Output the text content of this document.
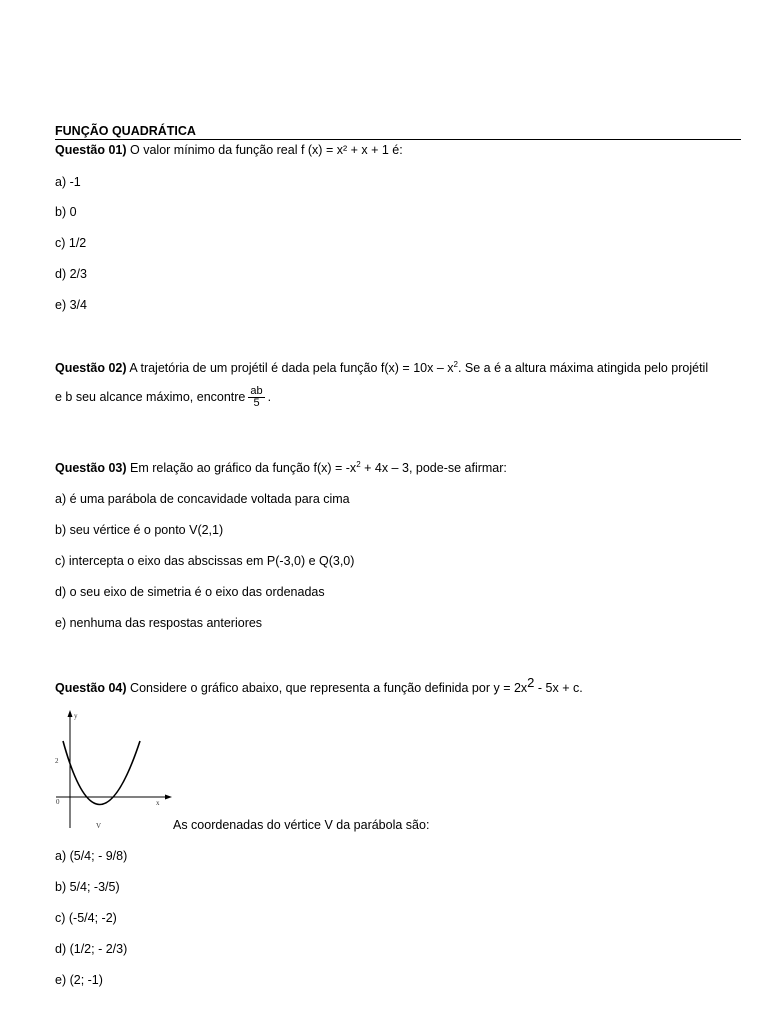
FUNÇÃO QUADRÁTICA
Questão 01) O valor mínimo da função real f (x) = x² + x + 1 é:
a) -1
b) 0
c) 1/2
d) 2/3
e) 3/4
Questão 02) A trajetória de um projétil é dada pela função $f(x) = 10x - x^2$. Se a é a altura máxima atingida pelo projétil
e b seu alcance máximo, encontre $\frac{ab}{5}$ .
Questão 03) Em relação ao gráfico da função $f(x) = -x^2 + 4x - 3$, pode-se afirmar:
a) é uma parábola de concavidade voltada para cima
b) seu vértice é o ponto V(2,1)
c) intercepta o eixo das abscissas em P(-3,0) e Q(3,0)
d) o seu eixo de simetria é o eixo das ordenadas
e) nenhuma das respostas anteriores
Questão 04) Considere o gráfico abaixo, que representa a função definida por y = 2x2 - 5x + c.
y
x
2
0
V	As coordenadas do vértice V da parábola são:
a) (5/4; - 9/8)
b) 5/4; -3/5)
c) (-5/4; -2)
d) (1/2; - 2/3)
e) (2; -1)
